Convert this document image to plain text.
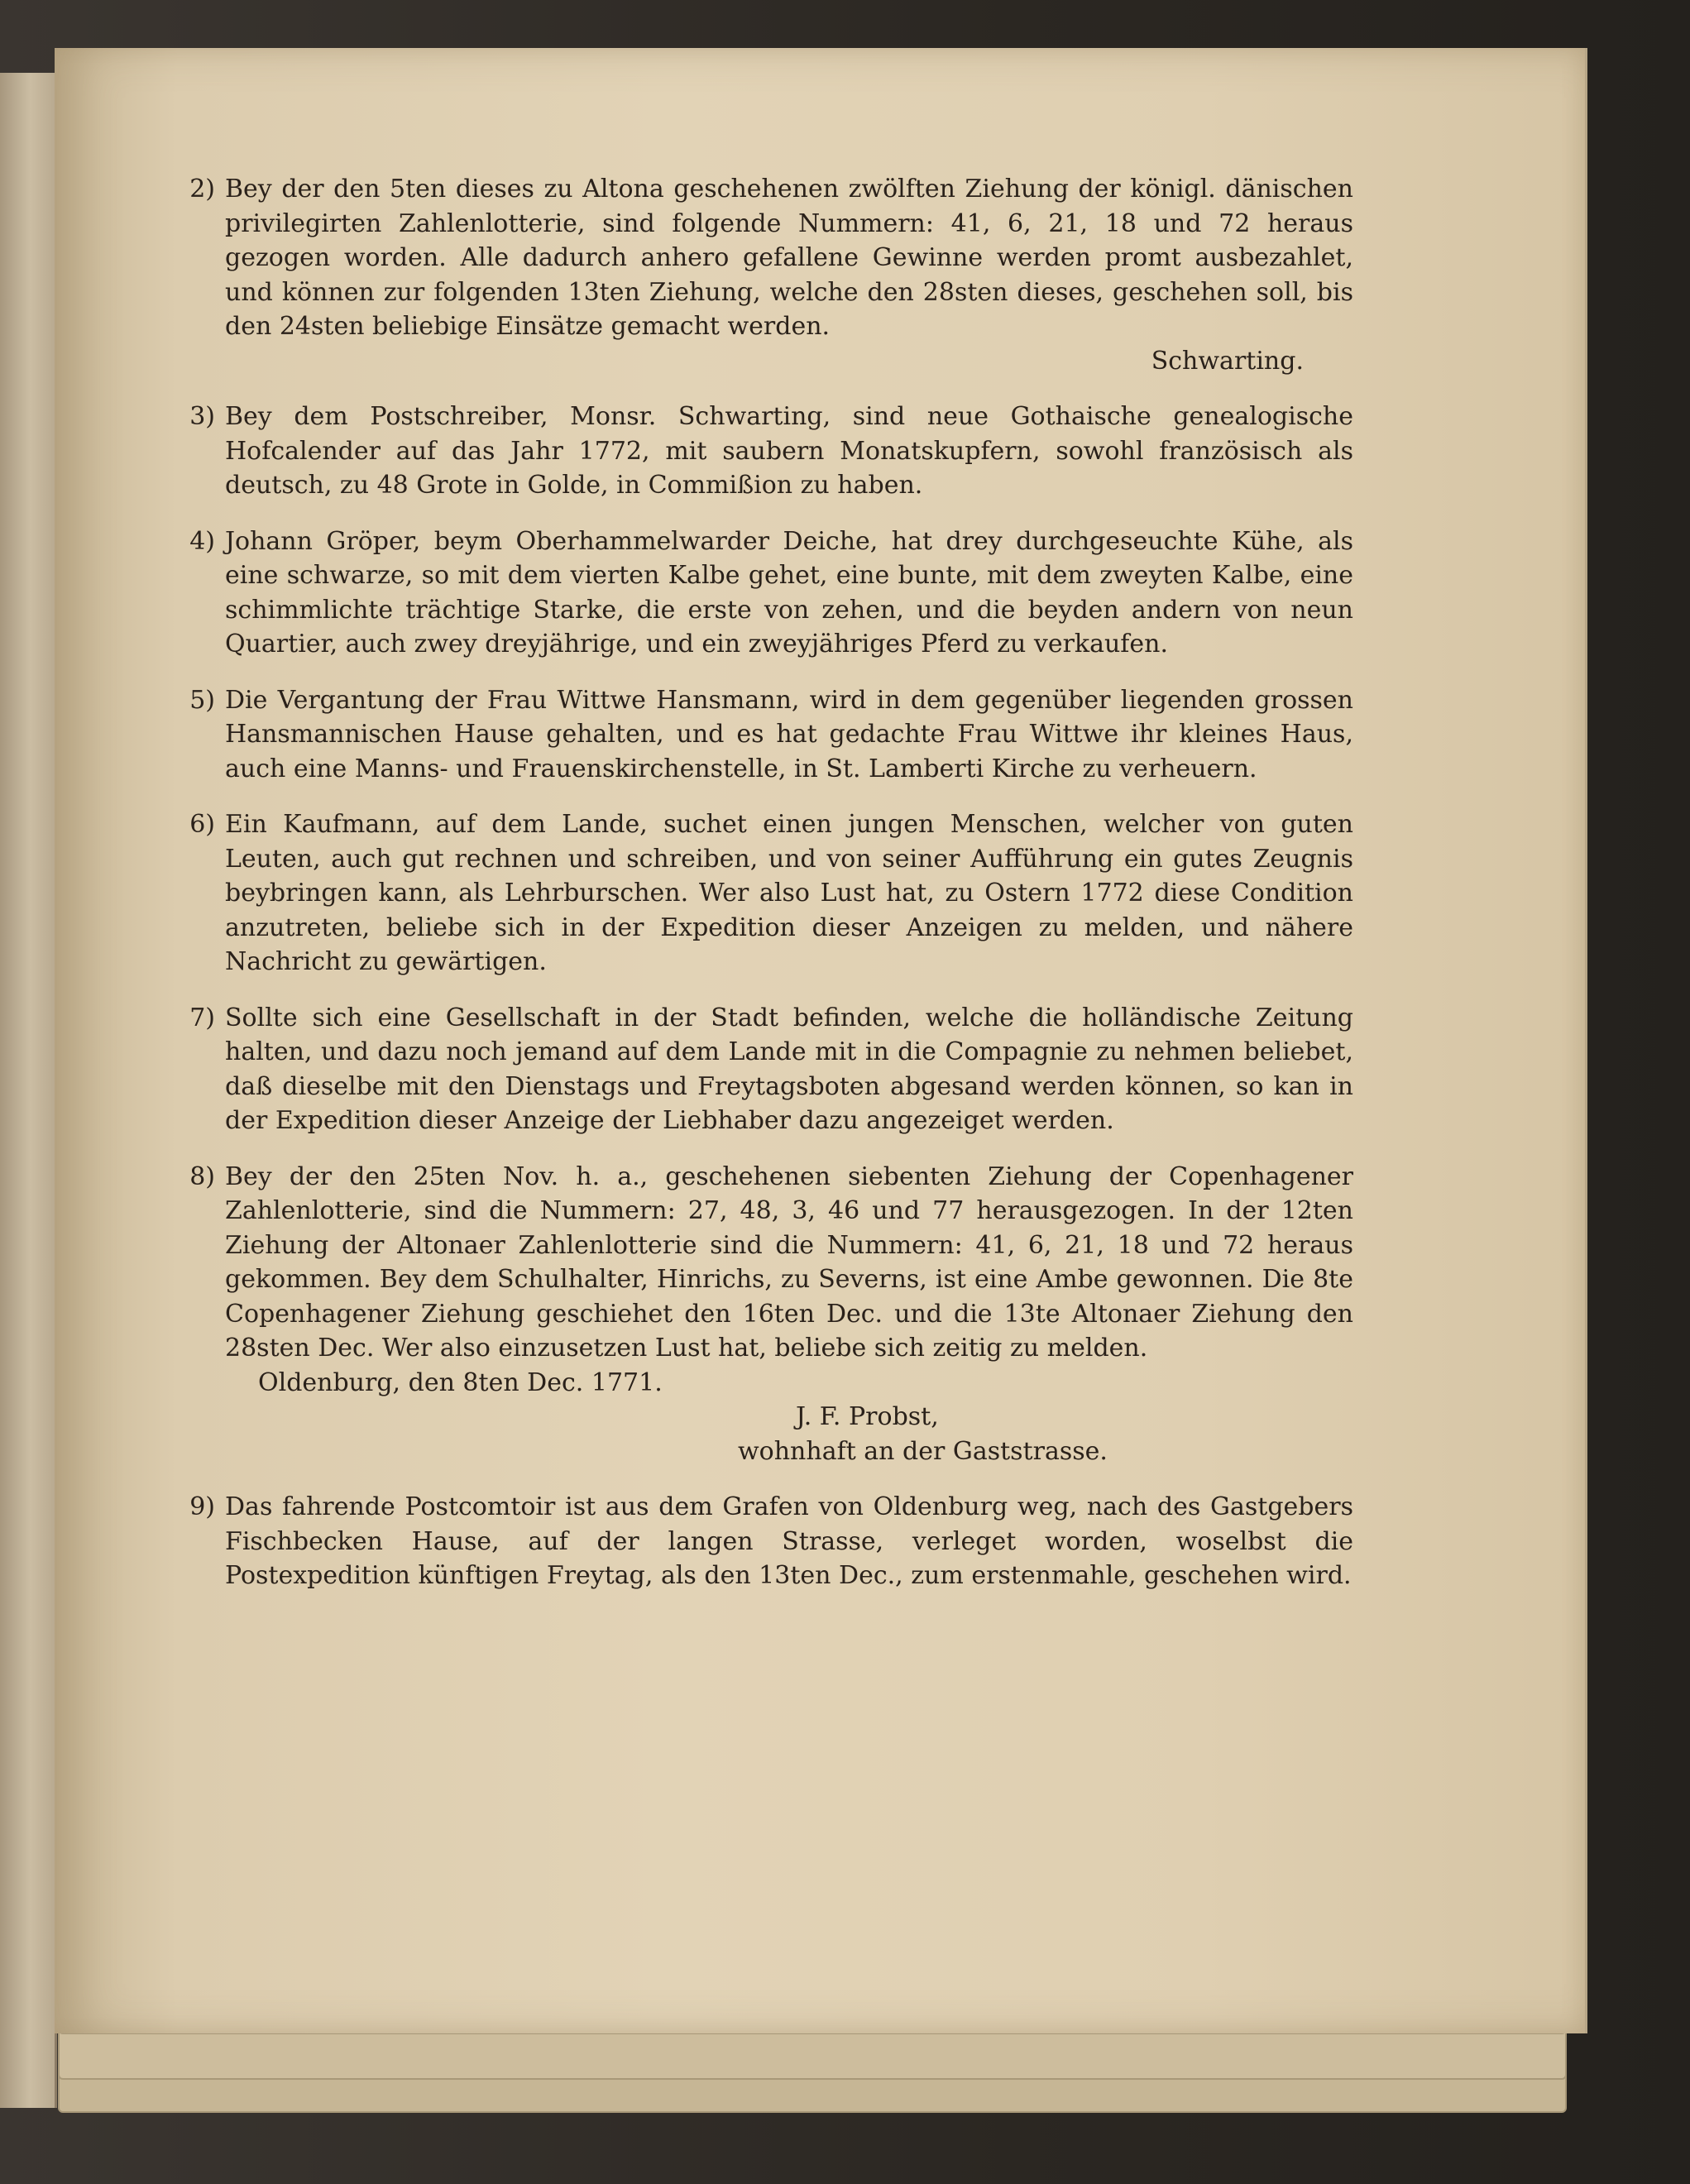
2) Bey der den 5ten dieses zu Altona geschehenen zwölften Ziehung der königl. dänischen privilegirten Zahlenlotterie, sind folgende Nummern: 41, 6, 21, 18 und 72 heraus gezogen worden. Alle dadurch anhero gefallene Gewinne werden promt ausbezahlet, und können zur folgenden 13ten Ziehung, welche den 28sten dieses, geschehen soll, bis den 24sten beliebige Einsätze gemacht werden.

Schwarting.

3) Bey dem Postschreiber, Monsr. Schwarting, sind neue Gothaische genealogische Hofcalender auf das Jahr 1772, mit saubern Monatskupfern, sowohl französisch als deutsch, zu 48 Grote in Golde, in Commißion zu haben.

4) Johann Gröper, beym Oberhammelwarder Deiche, hat drey durchgeseuchte Kühe, als eine schwarze, so mit dem vierten Kalbe gehet, eine bunte, mit dem zweyten Kalbe, eine schimmlichte trächtige Starke, die erste von zehen, und die beyden andern von neun Quartier, auch zwey dreyjährige, und ein zweyjähriges Pferd zu verkaufen.

5) Die Vergantung der Frau Wittwe Hansmann, wird in dem gegenüber liegenden grossen Hansmannischen Hause gehalten, und es hat gedachte Frau Wittwe ihr kleines Haus, auch eine Manns- und Frauenskirchenstelle, in St. Lamberti Kirche zu verheuern.

6) Ein Kaufmann, auf dem Lande, suchet einen jungen Menschen, welcher von guten Leuten, auch gut rechnen und schreiben, und von seiner Aufführung ein gutes Zeugnis beybringen kann, als Lehrburschen. Wer also Lust hat, zu Ostern 1772 diese Condition anzutreten, beliebe sich in der Expedition dieser Anzeigen zu melden, und nähere Nachricht zu gewärtigen.

7) Sollte sich eine Gesellschaft in der Stadt befinden, welche die holländische Zeitung halten, und dazu noch jemand auf dem Lande mit in die Compagnie zu nehmen beliebet, daß dieselbe mit den Dienstags und Freytagsboten abgesand werden können, so kan in der Expedition dieser Anzeige der Liebhaber dazu angezeiget werden.

8) Bey der den 25ten Nov. h. a., geschehenen siebenten Ziehung der Copenhagener Zahlenlotterie, sind die Nummern: 27, 48, 3, 46 und 77 herausgezogen. In der 12ten Ziehung der Altonaer Zahlenlotterie sind die Nummern: 41, 6, 21, 18 und 72 heraus gekommen. Bey dem Schulhalter, Hinrichs, zu Severns, ist eine Ambe gewonnen. Die 8te Copenhagener Ziehung geschiehet den 16ten Dec. und die 13te Altonaer Ziehung den 28sten Dec. Wer also einzusetzen Lust hat, beliebe sich zeitig zu melden.

Oldenburg, den 8ten Dec. 1771.

J. F. Probst,

wohnhaft an der Gaststrasse.

9) Das fahrende Postcomtoir ist aus dem Grafen von Oldenburg weg, nach des Gastgebers Fischbecken Hause, auf der langen Strasse, verleget worden, woselbst die Postexpedition künftigen Freytag, als den 13ten Dec., zum erstenmahle, geschehen wird.
